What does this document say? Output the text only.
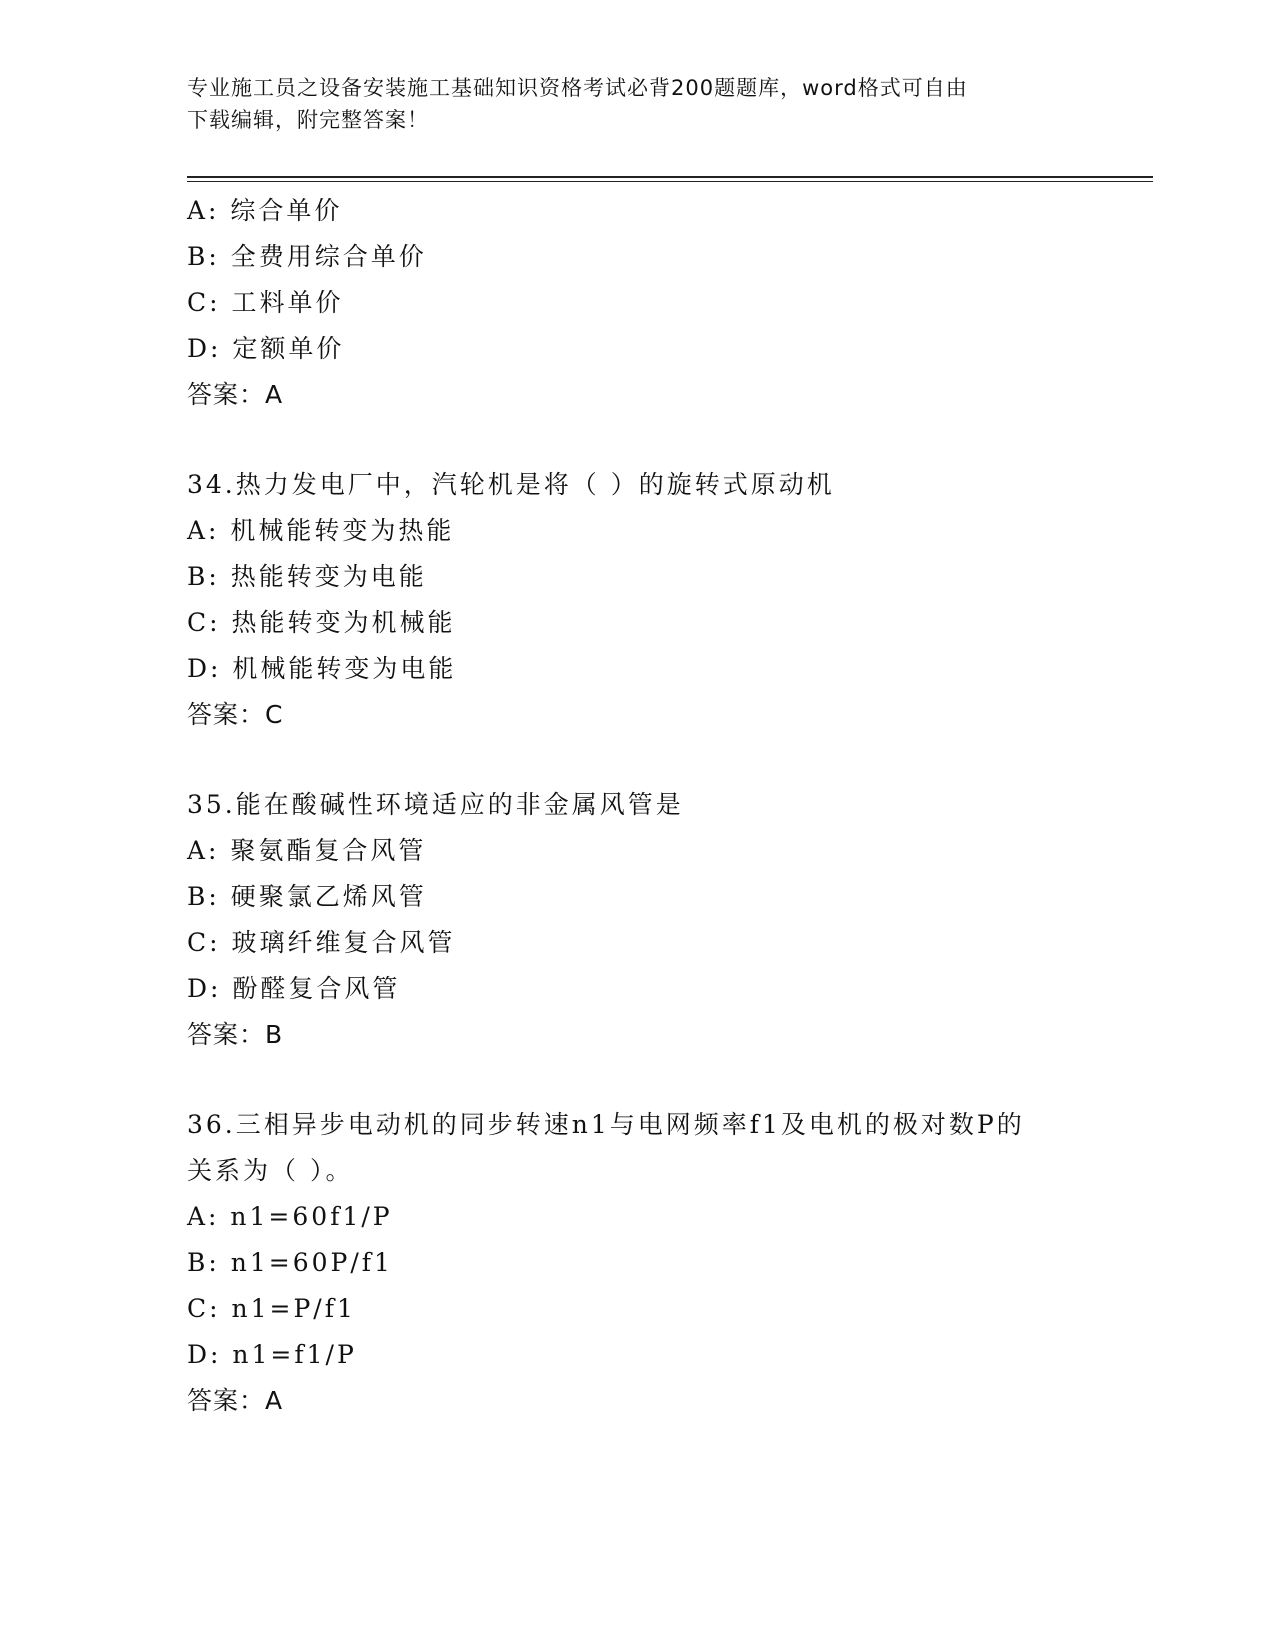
专业施工员之设备安装施工基础知识资格考试必背200题题库，word格式可自由
下载编辑，附完整答案！
A: 综合单价
B: 全费用综合单价
C: 工料单价
D: 定额单价
答案：A
34.热力发电厂中，汽轮机是将（ ）的旋转式原动机
A: 机械能转变为热能
B: 热能转变为电能
C: 热能转变为机械能
D: 机械能转变为电能
答案：C
35.能在酸碱性环境适应的非金属风管是
A: 聚氨酯复合风管
B: 硬聚氯乙烯风管
C: 玻璃纤维复合风管
D: 酚醛复合风管
答案：B
36.三相异步电动机的同步转速n1与电网频率f1及电机的极对数P的
关系为（ ）。
A: n1=60f1/P
B: n1=60P/f1
C: n1=P/f1
D: n1=f1/P
答案：A
